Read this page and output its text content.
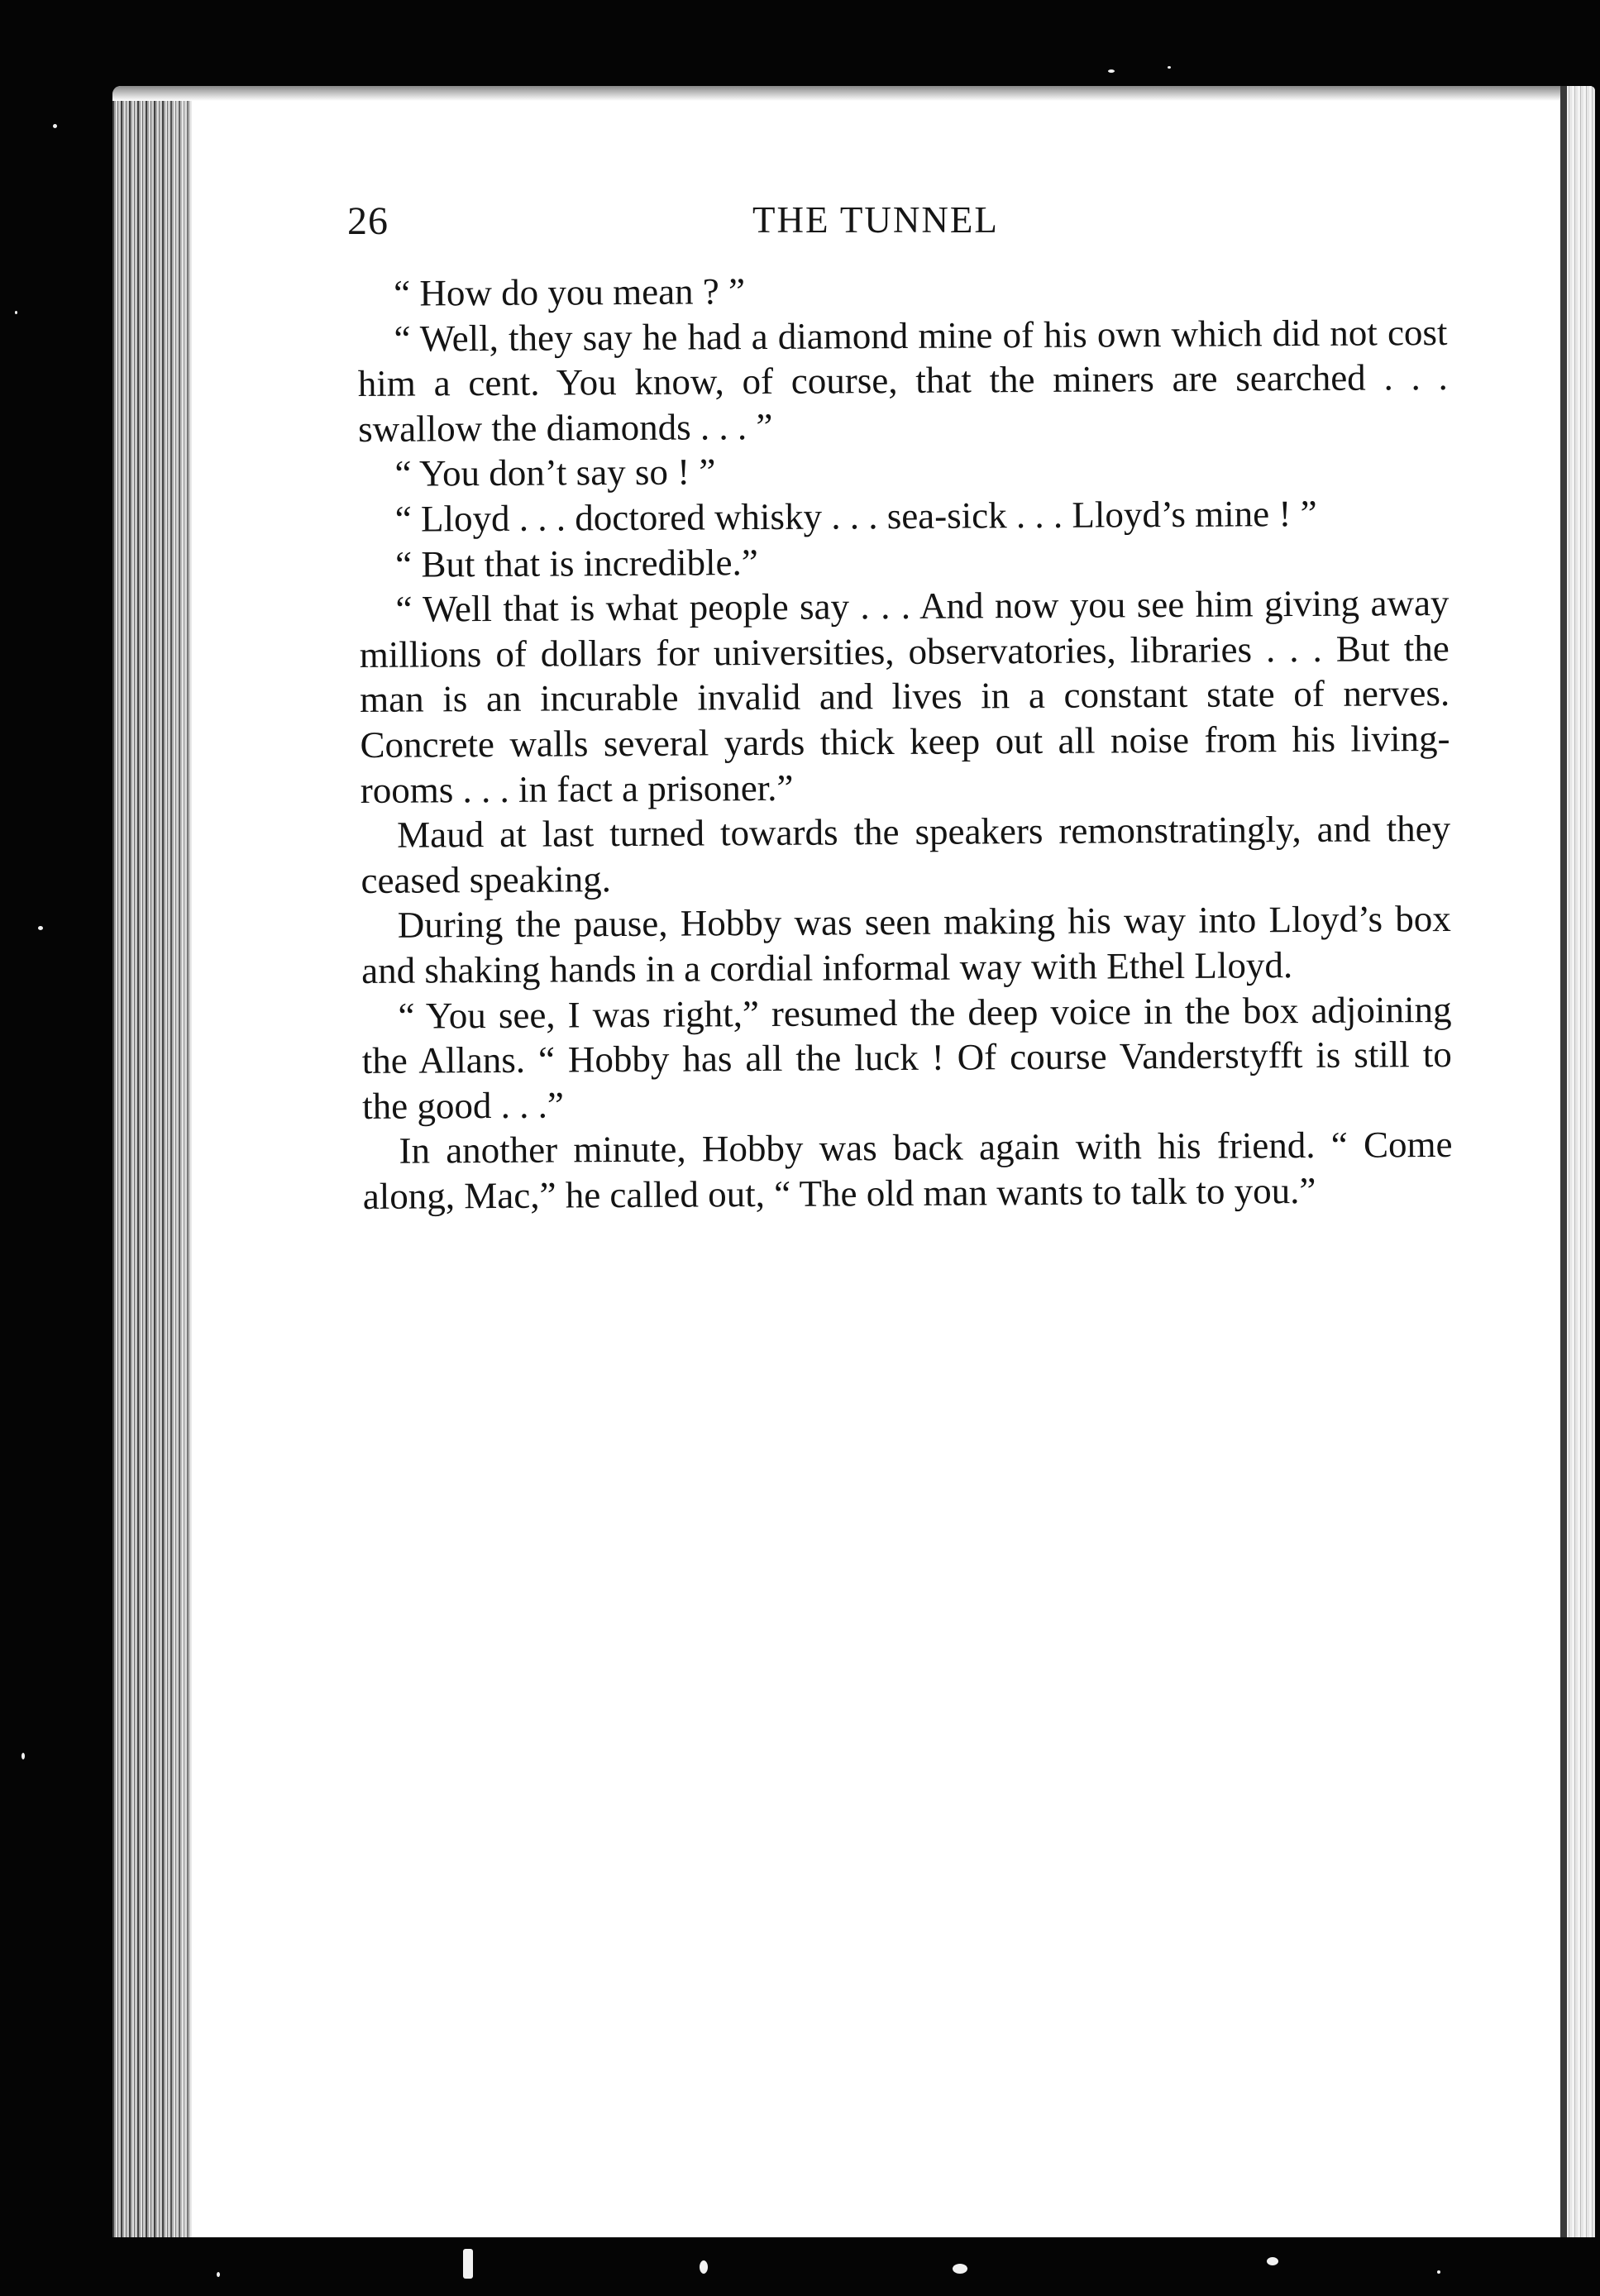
26	THE TUNNEL

“ How do you mean ? ”

“ Well, they say he had a diamond mine of his own which did not cost him a cent. You know, of course, that the miners are searched . . . swallow the diamonds . . . ”

“ You don’t say so ! ”

“ Lloyd . . . doctored whisky . . . sea-sick . . . Lloyd’s mine ! ”

“ But that is incredible.”

“ Well that is what people say . . . And now you see him giving away millions of dollars for universities, observatories, libraries . . . But the man is an incurable invalid and lives in a constant state of nerves. Concrete walls several yards thick keep out all noise from his living-rooms . . . in fact a prisoner.”

Maud at last turned towards the speakers remonstratingly, and they ceased speaking.

During the pause, Hobby was seen making his way into Lloyd’s box and shaking hands in a cordial informal way with Ethel Lloyd.

“ You see, I was right,” resumed the deep voice in the box adjoining the Allans. “ Hobby has all the luck ! Of course Vanderstyfft is still to the good . . .”

In another minute, Hobby was back again with his friend. “ Come along, Mac,” he called out, “ The old man wants to talk to you.”
